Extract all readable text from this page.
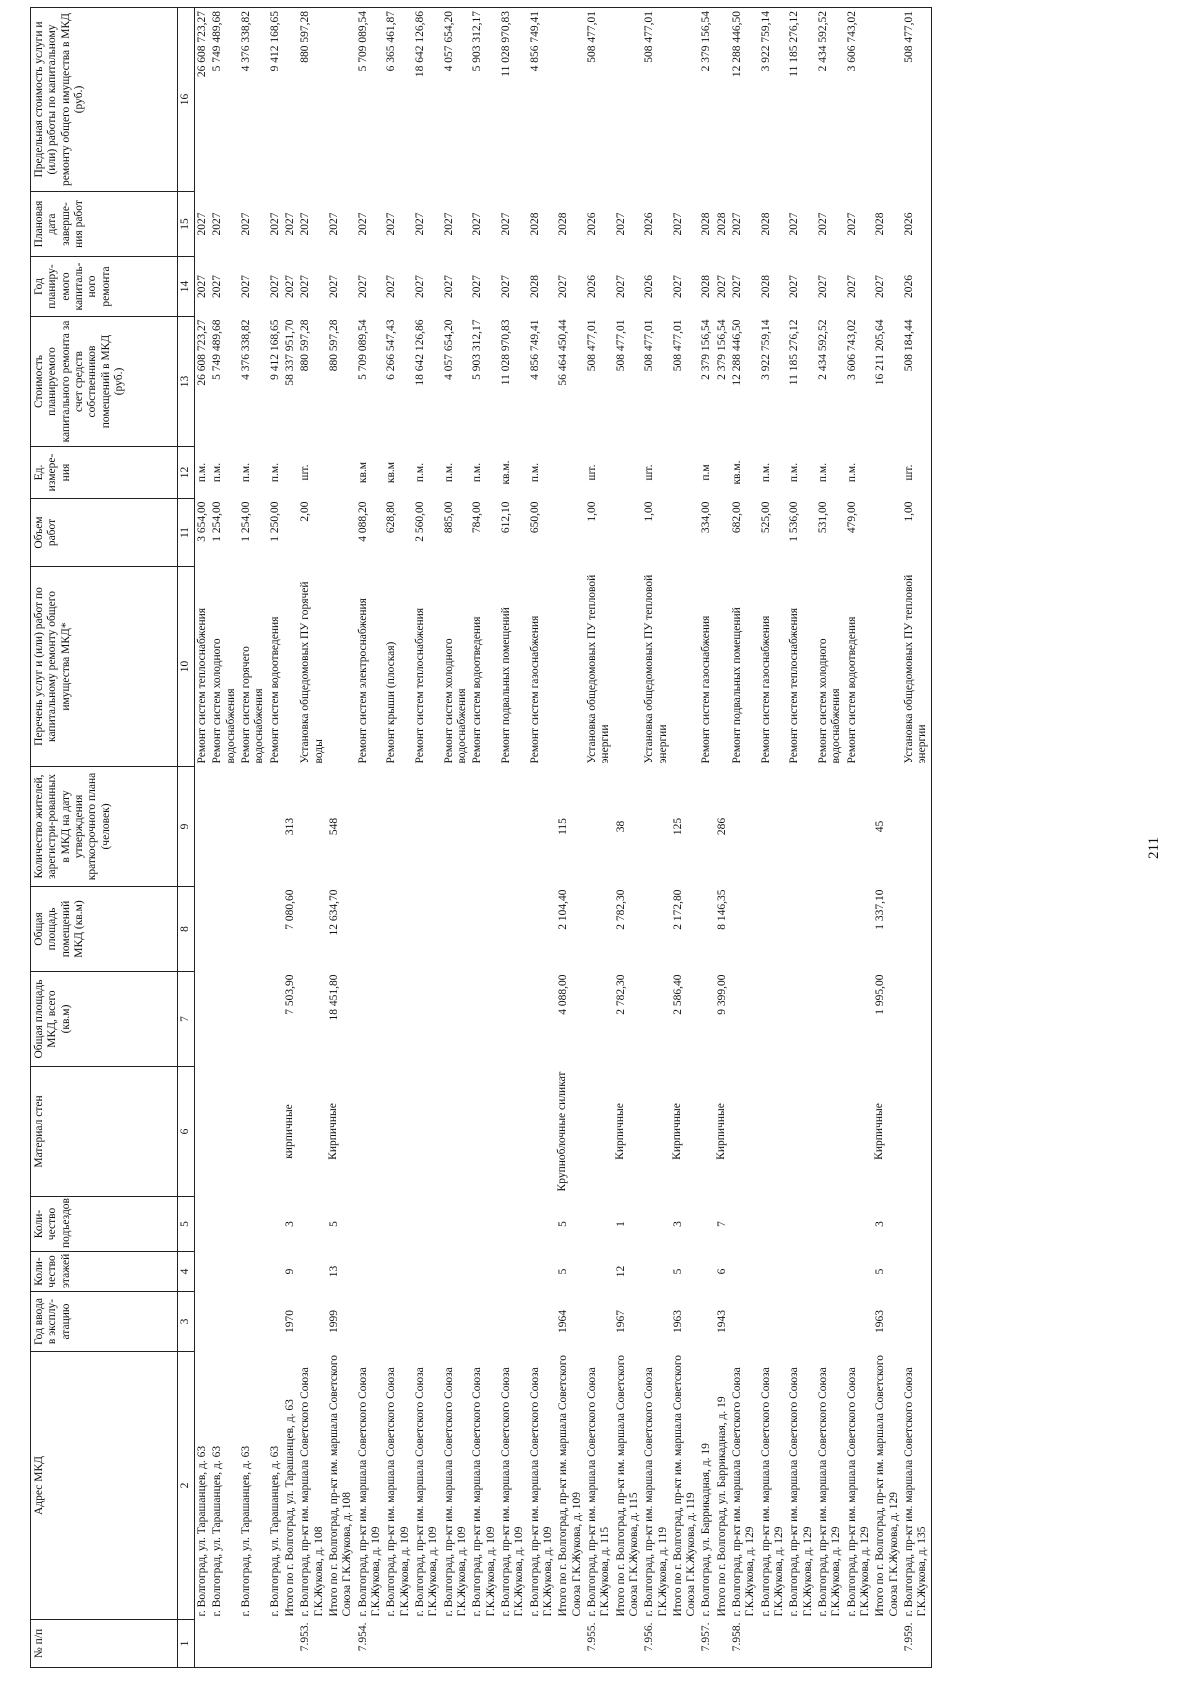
№ п/п	Адрес МКД	Год ввода в эксплу-атацию	Коли-чество этажей	Коли-чество подъездов	Материал стен	Общая площадь МКД, всего (кв.м)	Общая площадь помещений МКД (кв.м)	Количество жителей, зарегистри-рованных в МКД на дату утверждения краткосрочного плана (человек)	Перечень услуг и (или) работ по капитальному ремонту общего имущества МКД*	Объем работ	Ед. измере-ния	Стоимость планируемого капитального ремонта за счет средств собственников помещений в МКД (руб.)	Год планиру-емого капиталь-ного ремонта	Плановая дата заверше-ния работ	Предельная стоимость услуги и (или) работы по капитальному ремонту общего имущества в МКД (руб.)
1	2	3	4	5	6	7	8	9	10	11	12	13	14	15	16
	г. Волгоград, ул. Тарашанцев, д. 63								Ремонт систем теплоснабжения	3 654,00	п.м.	26 608 723,27	2027	2027	26 608 723,27
	г. Волгоград, ул. Тарашанцев, д. 63								Ремонт систем холодного водоснабжения	1 254,00	п.м.	5 749 489,68	2027	2027	5 749 489,68
	г. Волгоград, ул. Тарашанцев, д. 63								Ремонт систем горячего водоснабжения	1 254,00	п.м.	4 376 338,82	2027	2027	4 376 338,82
	г. Волгоград, ул. Тарашанцев, д. 63								Ремонт систем водоотведения	1 250,00	п.м.	9 412 168,65	2027	2027	9 412 168,65
	Итого по г. Волгоград, ул. Тарашанцев, д. 63	1970	9	3	кирпичные	7 503,90	7 080,60	313				58 337 951,70	2027	2027	
7.953.	г. Волгоград, пр-кт им. маршала Советского Союза Г.К.Жукова, д. 108								Установка общедомовых ПУ горячей воды	2,00	шт.	880 597,28	2027	2027	880 597,28
	Итого по г. Волгоград, пр-кт им. маршала Советского Союза Г.К.Жукова, д. 108	1999	13	5	Кирпичные	18 451,80	12 634,70	548				880 597,28	2027	2027	
7.954.	г. Волгоград, пр-кт им. маршала Советского Союза Г.К.Жукова, д. 109								Ремонт систем электроснабжения	4 088,20	кв.м	5 709 089,54	2027	2027	5 709 089,54
	г. Волгоград, пр-кт им. маршала Советского Союза Г.К.Жукова, д. 109								Ремонт крыши (плоская)	628,80	кв.м	6 266 547,43	2027	2027	6 365 461,87
	г. Волгоград, пр-кт им. маршала Советского Союза Г.К.Жукова, д. 109								Ремонт систем теплоснабжения	2 560,00	п.м.	18 642 126,86	2027	2027	18 642 126,86
	г. Волгоград, пр-кт им. маршала Советского Союза Г.К.Жукова, д. 109								Ремонт систем холодного водоснабжения	885,00	п.м.	4 057 654,20	2027	2027	4 057 654,20
	г. Волгоград, пр-кт им. маршала Советского Союза Г.К.Жукова, д. 109								Ремонт систем водоотведения	784,00	п.м.	5 903 312,17	2027	2027	5 903 312,17
	г. Волгоград, пр-кт им. маршала Советского Союза Г.К.Жукова, д. 109								Ремонт подвальных помещений	612,10	кв.м.	11 028 970,83	2027	2027	11 028 970,83
	г. Волгоград, пр-кт им. маршала Советского Союза Г.К.Жукова, д. 109								Ремонт систем газоснабжения	650,00	п.м.	4 856 749,41	2028	2028	4 856 749,41
	Итого по г. Волгоград, пр-кт им. маршала Советского Союза Г.К.Жукова, д. 109	1964	5	5	Крупноблочные силикат	4 088,00	2 104,40	115				56 464 450,44	2027	2028	
7.955.	г. Волгоград, пр-кт им. маршала Советского Союза Г.К.Жукова, д. 115								Установка общедомовых ПУ тепловой энергии	1,00	шт.	508 477,01	2026	2026	508 477,01
	Итого по г. Волгоград, пр-кт им. маршала Советского Союза Г.К.Жукова, д. 115	1967	12	1	Кирпичные	2 782,30	2 782,30	38				508 477,01	2027	2027	
7.956.	г. Волгоград, пр-кт им. маршала Советского Союза Г.К.Жукова, д. 119								Установка общедомовых ПУ тепловой энергии	1,00	шт.	508 477,01	2026	2026	508 477,01
	Итого по г. Волгоград, пр-кт им. маршала Советского Союза Г.К.Жукова, д. 119	1963	5	3	Кирпичные	2 586,40	2 172,80	125				508 477,01	2027	2027	
7.957.	г. Волгоград, ул. Баррикадная, д. 19								Ремонт систем газоснабжения	334,00	п.м	2 379 156,54	2028	2028	2 379 156,54
	Итого по г. Волгоград, ул. Баррикадная, д. 19	1943	6	7	Кирпичные	9 399,00	8 146,35	286				2 379 156,54	2027	2028	
7.958.	г. Волгоград, пр-кт им. маршала Советского Союза Г.К.Жукова, д. 129								Ремонт подвальных помещений	682,00	кв.м.	12 288 446,50	2027	2027	12 288 446,50
	г. Волгоград, пр-кт им. маршала Советского Союза Г.К.Жукова, д. 129								Ремонт систем газоснабжения	525,00	п.м.	3 922 759,14	2028	2028	3 922 759,14
	г. Волгоград, пр-кт им. маршала Советского Союза Г.К.Жукова, д. 129								Ремонт систем теплоснабжения	1 536,00	п.м.	11 185 276,12	2027	2027	11 185 276,12
	г. Волгоград, пр-кт им. маршала Советского Союза Г.К.Жукова, д. 129								Ремонт систем холодного водоснабжения	531,00	п.м.	2 434 592,52	2027	2027	2 434 592,52
	г. Волгоград, пр-кт им. маршала Советского Союза Г.К.Жукова, д. 129								Ремонт систем водоотведения	479,00	п.м.	3 606 743,02	2027	2027	3 606 743,02
	Итого по г. Волгоград, пр-кт им. маршала Советского Союза Г.К.Жукова, д. 129	1963	5	3	Кирпичные	1 995,00	1 337,10	45				16 211 205,64	2027	2028	
7.959.	г. Волгоград, пр-кт им. маршала Советского Союза Г.К.Жукова, д. 135								Установка общедомовых ПУ тепловой энергии	1,00	шт.	508 184,44	2026	2026	508 477,01
211
